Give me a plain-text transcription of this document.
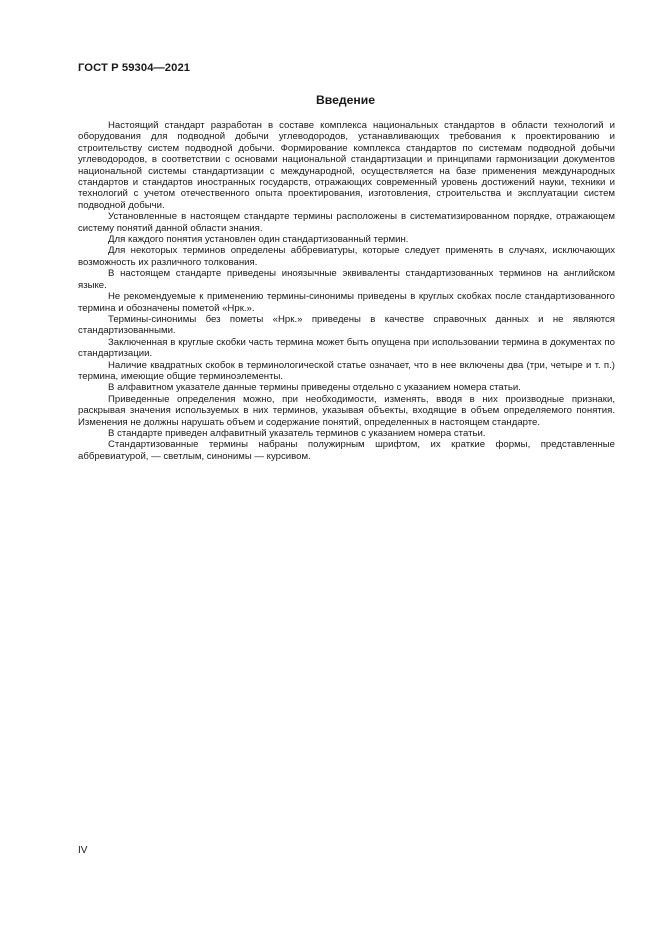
ГОСТ Р 59304—2021
Введение

Настоящий стандарт разработан в составе комплекса национальных стандартов в области технологий и оборудования для подводной добычи углеводородов, устанавливающих требования к проектированию и строительству систем подводной добычи. Формирование комплекса стандартов по системам подводной добычи углеводородов, в соответствии с основами национальной стандартизации и принципами гармонизации документов национальной системы стандартизации с международной, осуществляется на базе применения международных стандартов и стандартов иностранных государств, отражающих современный уровень достижений науки, техники и технологий с учетом отечественного опыта проектирования, изготовления, строительства и эксплуатации систем подводной добычи.

Установленные в настоящем стандарте термины расположены в систематизированном порядке, отражающем систему понятий данной области знания.

Для каждого понятия установлен один стандартизованный термин.

Для некоторых терминов определены аббревиатуры, которые следует применять в случаях, исключающих возможность их различного толкования.

В настоящем стандарте приведены иноязычные эквиваленты стандартизованных терминов на английском языке.

Не рекомендуемые к применению термины-синонимы приведены в круглых скобках после стандартизованного термина и обозначены пометой «Нрк.».

Термины-синонимы без пометы «Нрк.» приведены в качестве справочных данных и не являются стандартизованными.

Заключенная в круглые скобки часть термина может быть опущена при использовании термина в документах по стандартизации.

Наличие квадратных скобок в терминологической статье означает, что в нее включены два (три, четыре и т. п.) термина, имеющие общие терминоэлементы.

В алфавитном указателе данные термины приведены отдельно с указанием номера статьи.

Приведенные определения можно, при необходимости, изменять, вводя в них производные признаки, раскрывая значения используемых в них терминов, указывая объекты, входящие в объем определяемого понятия. Изменения не должны нарушать объем и содержание понятий, определенных в настоящем стандарте.

В стандарте приведен алфавитный указатель терминов с указанием номера статьи.

Стандартизованные термины набраны полужирным шрифтом, их краткие формы, представленные аббревиатурой, — светлым, синонимы — курсивом.

IV
